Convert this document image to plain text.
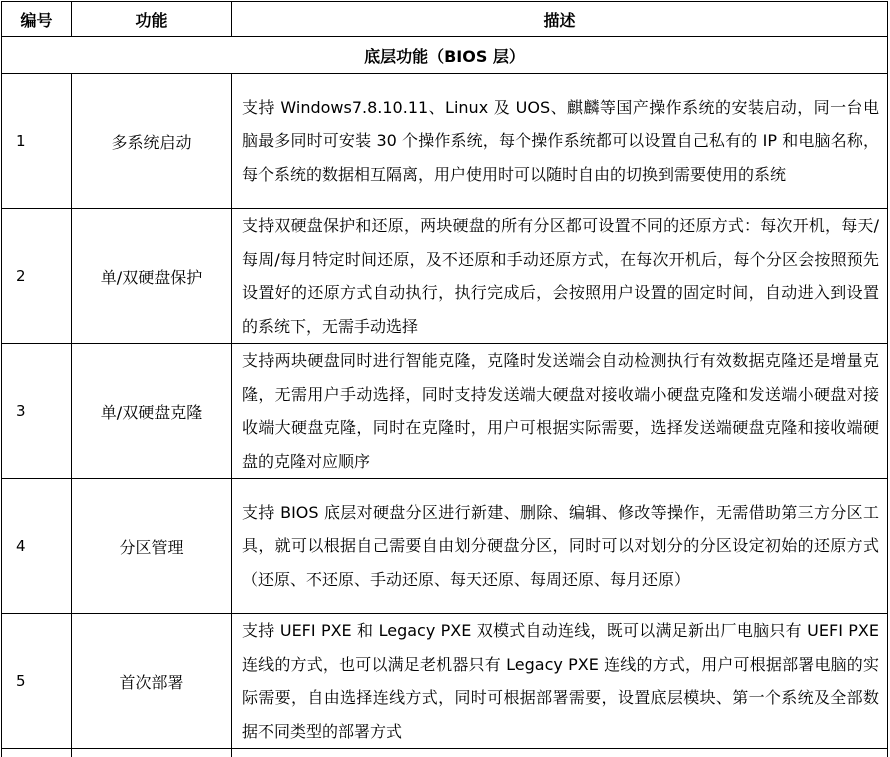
编号	功能	描述
底层功能（BIOS 层）		
1	多系统启动	支持 Windows7.8.10.11、Linux 及 UOS、麒麟等国产操作系统的安装启动，同一台电脑最多同时可安装 30 个操作系统，每个操作系统都可以设置自己私有的 IP 和电脑名称，每个系统的数据相互隔离，用户使用时可以随时自由的切换到需要使用的系统
2	单/双硬盘保护	支持双硬盘保护和还原，两块硬盘的所有分区都可设置不同的还原方式：每次开机，每天/每周/每月特定时间还原，及不还原和手动还原方式，在每次开机后，每个分区会按照预先设置好的还原方式自动执行，执行完成后，会按照用户设置的固定时间，自动进入到设置的系统下，无需手动选择
3	单/双硬盘克隆	支持两块硬盘同时进行智能克隆，克隆时发送端会自动检测执行有效数据克隆还是增量克隆，无需用户手动选择，同时支持发送端大硬盘对接收端小硬盘克隆和发送端小硬盘对接收端大硬盘克隆，同时在克隆时，用户可根据实际需要，选择发送端硬盘克隆和接收端硬盘的克隆对应顺序
4	分区管理	支持 BIOS 底层对硬盘分区进行新建、删除、编辑、修改等操作，无需借助第三方分区工具，就可以根据自己需要自由划分硬盘分区，同时可以对划分的分区设定初始的还原方式（还原、不还原、手动还原、每天还原、每周还原、每月还原）
5	首次部署	支持 UEFI PXE 和 Legacy PXE 双模式自动连线，既可以满足新出厂电脑只有 UEFI PXE 连线的方式，也可以满足老机器只有 Legacy PXE 连线的方式，用户可根据部署电脑的实际需要，自由选择连线方式，同时可根据部署需要，设置底层模块、第一个系统及全部数据不同类型的部署方式
